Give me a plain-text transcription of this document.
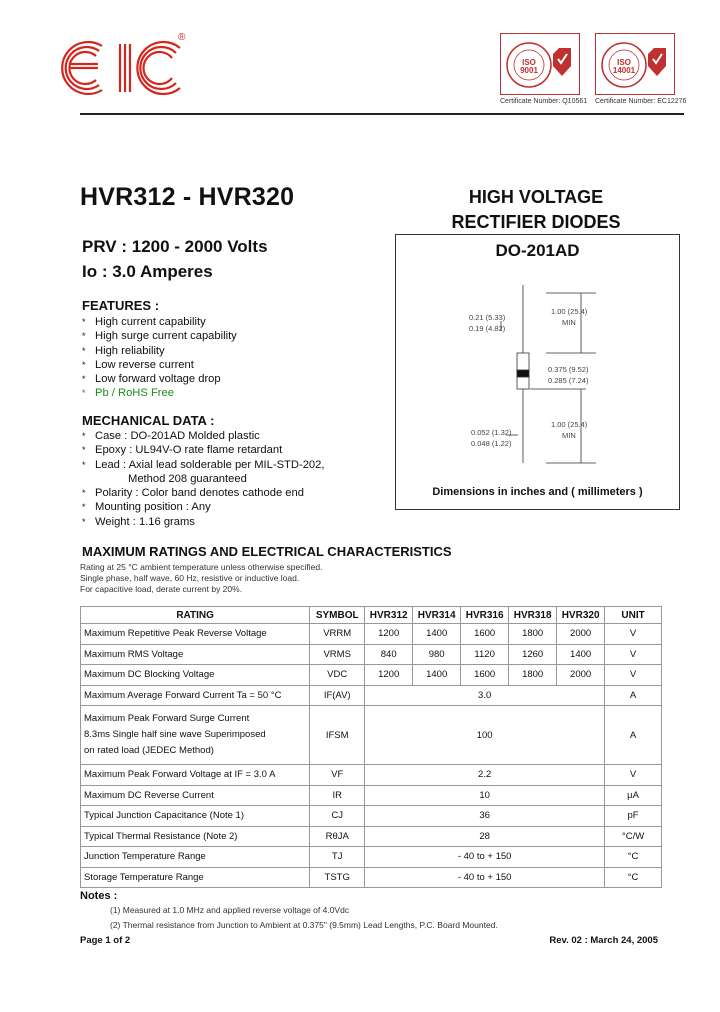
®
ISO 9001
Certificate Number: Q10561
ISO 14001
Certificate Number: EC12276
HVR312 - HVR320
PRV : 1200 - 2000 Volts
Io : 3.0 Amperes
HIGH VOLTAGE
RECTIFIER DIODES
DO-201AD
1.00 (25.4)
MIN
0.21 (5.33)
0.19 (4.82)
0.375 (9.52)
0.285 (7.24)
1.00 (25.4)
MIN
0.052 (1.32)
0.048 (1.22)
Dimensions in inches and ( millimeters )
FEATURES :
* High current capability
* High surge current capability
* High reliability
* Low reverse current
* Low forward voltage drop
* Pb / RoHS Free
MECHANICAL DATA :
* Case : DO-201AD Molded plastic
* Epoxy : UL94V-O rate flame retardant
* Lead : Axial lead solderable per MIL-STD-202,
Method 208 guaranteed
* Polarity : Color band denotes cathode end
* Mounting position : Any
* Weight : 1.16 grams
MAXIMUM RATINGS AND ELECTRICAL CHARACTERISTICS
Rating at 25 °C ambient temperature unless otherwise specified.
Single phase, half wave, 60 Hz, resistive or inductive load.
For capacitive load, derate current by 20%.
RATING	SYMBOL	HVR312	HVR314	HVR316	HVR318	HVR320	UNIT
Maximum Repetitive Peak Reverse Voltage	VRRM	1200	1400	1600	1800	2000	V
Maximum RMS Voltage	VRMS	840	980	1120	1260	1400	V
Maximum DC Blocking Voltage	VDC	1200	1400	1600	1800	2000	V
Maximum Average Forward Current Ta = 50 °C	IF(AV)	3.0					A

Maximum Peak Forward Surge Current
8.3ms Single half sine wave Superimposed
on rated load (JEDEC Method)	IFSM	100					A
Maximum Peak Forward Voltage at IF = 3.0 A	VF	2.2					V
Maximum DC Reverse Current	IR	10					µA
Typical Junction Capacitance (Note 1)	CJ	36					pF
Typical Thermal Resistance (Note 2)	RθJA	28					°C/W
Junction Temperature Range	TJ	- 40 to + 150					°C
Storage Temperature Range	TSTG	- 40 to + 150					°C
Notes :
(1) Measured at 1.0 MHz and applied reverse voltage of 4.0Vdc
(2) Thermal resistance from Junction to Ambient at 0.375" (9.5mm) Lead Lengths, P.C. Board Mounted.
Page 1 of 2	Rev. 02 : March 24, 2005
